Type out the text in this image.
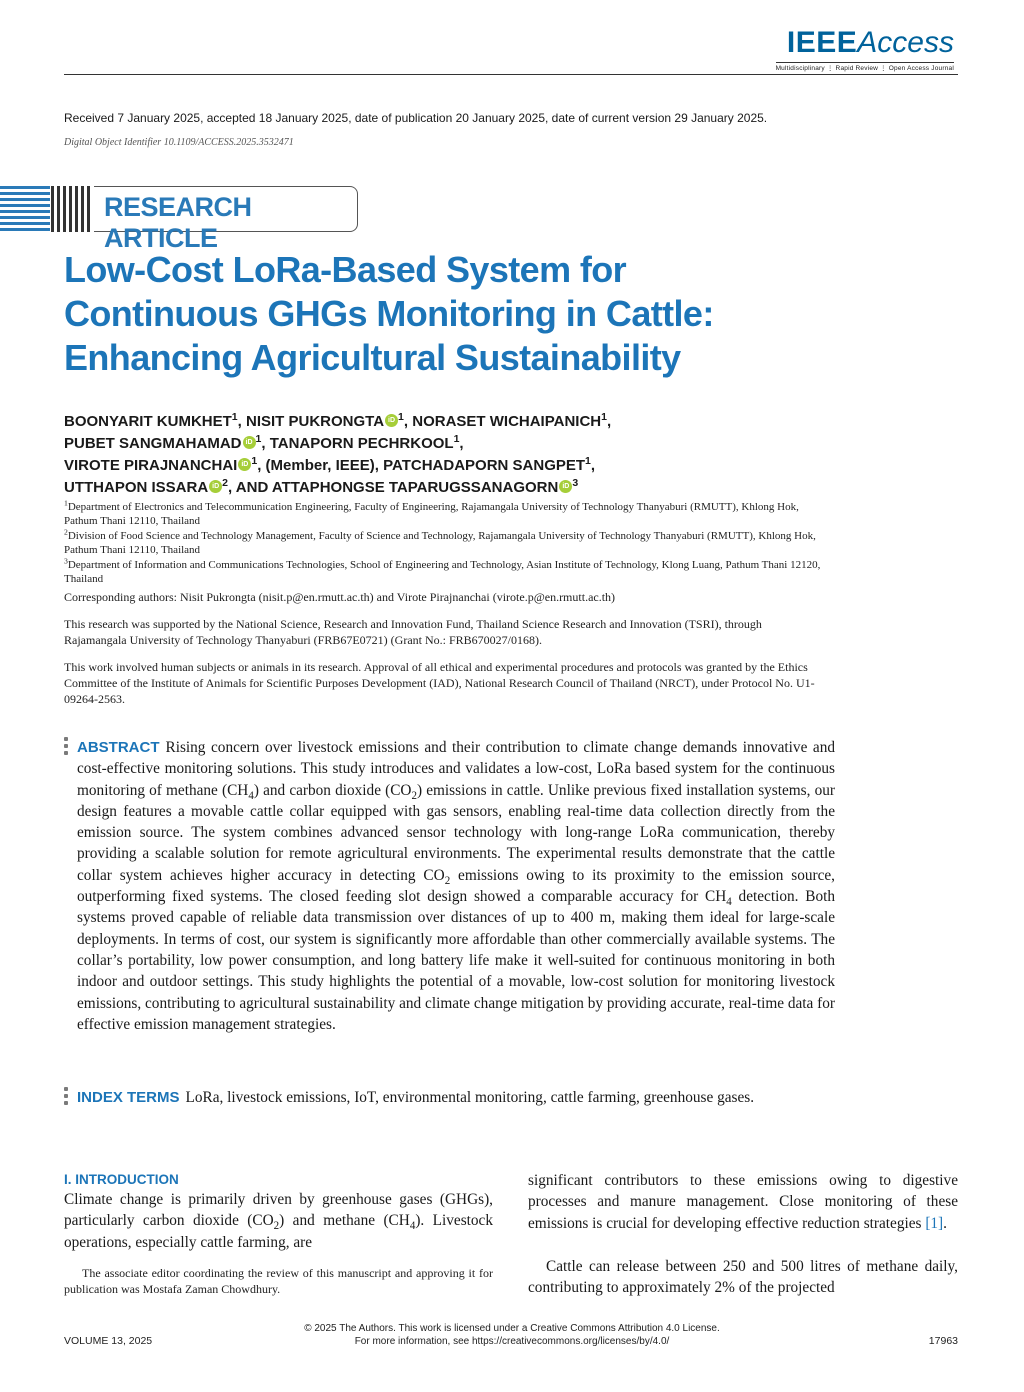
IEEEAccess
Multidisciplinary ⋮ Rapid Review ⋮ Open Access Journal
Received 7 January 2025, accepted 18 January 2025, date of publication 20 January 2025, date of current version 29 January 2025.
Digital Object Identifier 10.1109/ACCESS.2025.3532471
RESEARCH ARTICLE
Low-Cost LoRa-Based System for Continuous GHGs Monitoring in Cattle: Enhancing Agricultural Sustainability
BOONYARIT KUMKHET$^1$, NISIT PUKRONGTA iD $^1$, NORASET WICHAIPANICH$^1$,
PUBET SANGMAHAMAD iD $^1$, TANAPORN PECHRKOOL$^1$,
VIROTE PIRAJNANCHAI iD $^1$, (Member, IEEE), PATCHADAPORN SANGPET$^1$,
UTTHAPON ISSARA iD $^2$, AND ATTAPHONGSE TAPARUGSSANAGORN iD $^3$

$^1$Department of Electronics and Telecommunication Engineering, Faculty of Engineering, Rajamangala University of Technology Thanyaburi (RMUTT), Khlong Hok, Pathum Thani 12110, Thailand

$^2$Division of Food Science and Technology Management, Faculty of Science and Technology, Rajamangala University of Technology Thanyaburi (RMUTT), Khlong Hok, Pathum Thani 12110, Thailand

$^3$Department of Information and Communications Technologies, School of Engineering and Technology, Asian Institute of Technology, Klong Luang, Pathum Thani 12120, Thailand

Corresponding authors: Nisit Pukrongta (nisit.p@en.rmutt.ac.th) and Virote Pirajnanchai (virote.p@en.rmutt.ac.th)
This research was supported by the National Science, Research and Innovation Fund, Thailand Science Research and Innovation (TSRI), through Rajamangala University of Technology Thanyaburi (FRB67E0721) (Grant No.: FRB670027/0168).
This work involved human subjects or animals in its research. Approval of all ethical and experimental procedures and protocols was granted by the Ethics Committee of the Institute of Animals for Scientific Purposes Development (IAD), National Research Council of Thailand (NRCT), under Protocol No. U1-09264-2563.
ABSTRACT Rising concern over livestock emissions and their contribution to climate change demands innovative and cost-effective monitoring solutions. This study introduces and validates a low-cost, LoRa based system for the continuous monitoring of methane $(CH_4)$ and carbon dioxide $(CO_2)$ emissions in cattle. Unlike previous fixed installation systems, our design features a movable cattle collar equipped with gas sensors, enabling real-time data collection directly from the emission source. The system combines advanced sensor technology with long-range LoRa communication, thereby providing a scalable solution for remote agricultural environments. The experimental results demonstrate that the cattle collar system achieves higher accuracy in detecting $CO_2$ emissions owing to its proximity to the emission source, outperforming fixed systems. The closed feeding slot design showed a comparable accuracy for $CH_4$ detection. Both systems proved capable of reliable data transmission over distances of up to 400 m, making them ideal for large-scale deployments. In terms of cost, our system is significantly more affordable than other commercially available systems. The collar’s portability, low power consumption, and long battery life make it well-suited for continuous monitoring in both indoor and outdoor settings. This study highlights the potential of a movable, low-cost solution for monitoring livestock emissions, contributing to agricultural sustainability and climate change mitigation by providing accurate, real-time data for effective emission management strategies.
INDEX TERMS LoRa, livestock emissions, IoT, environmental monitoring, cattle farming, greenhouse gases.
I. INTRODUCTION
Climate change is primarily driven by greenhouse gases (GHGs), particularly carbon dioxide $(CO_2)$ and methane $(CH_4)$. Livestock operations, especially cattle farming, are
The associate editor coordinating the review of this manuscript and approving it for publication was Mostafa Zaman Chowdhury.
significant contributors to these emissions owing to digestive processes and manure management. Close monitoring of these emissions is crucial for developing effective reduction strategies [1].
Cattle can release between 250 and 500 litres of methane daily, contributing to approximately 2% of the projected
© 2025 The Authors. This work is licensed under a Creative Commons Attribution 4.0 License.
For more information, see https://creativecommons.org/licenses/by/4.0/
VOLUME 13, 2025	17963
